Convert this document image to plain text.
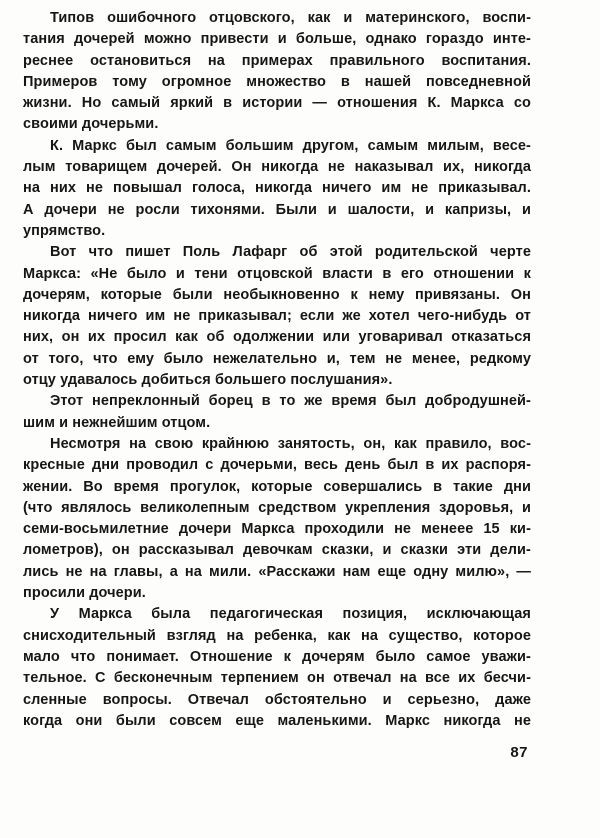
Типов ошибочного отцовского, как и материнского, воспи-
тания дочерей можно привести и больше, однако гораздо инте-
реснее остановиться на примерах правильного воспитания.
Примеров тому огромное множество в нашей повседневной
жизни. Но самый яркий в истории — отношения К. Маркса со
своими дочерьми.
К. Маркс был самым большим другом, самым милым, весе-
лым товарищем дочерей. Он никогда не наказывал их, никогда
на них не повышал голоса, никогда ничего им не приказывал.
А дочери не росли тихонями. Были и шалости, и капризы, и
упрямство.
Вот что пишет Поль Лафарг об этой родительской черте
Маркса: «Не было и тени отцовской власти в его отношении к
дочерям, которые были необыкновенно к нему привязаны. Он
никогда ничего им не приказывал; если же хотел чего-нибудь от
них, он их просил как об одолжении или уговаривал отказаться
от того, что ему было нежелательно и, тем не менее, редкому
отцу удавалось добиться большего послушания».
Этот непреклонный борец в то же время был добродушней-
шим и нежнейшим отцом.
Несмотря на свою крайнюю занятость, он, как правило, вос-
кресные дни проводил с дочерьми, весь день был в их распоря-
жении. Во время прогулок, которые совершались в такие дни
(что являлось великолепным средством укрепления здоровья, и
семи-восьмилетние дочери Маркса проходили не менеее 15 ки-
лометров), он рассказывал девочкам сказки, и сказки эти дели-
лись не на главы, а на мили. «Расскажи нам еще одну милю», —
просили дочери.
У Маркса была педагогическая позиция, исключающая
снисходительный взгляд на ребенка, как на существо, которое
мало что понимает. Отношение к дочерям было самое уважи-
тельное. С бесконечным терпением он отвечал на все их бесчи-
сленные вопросы. Отвечал обстоятельно и серьезно, даже
когда они были совсем еще маленькими. Маркс никогда не
87
